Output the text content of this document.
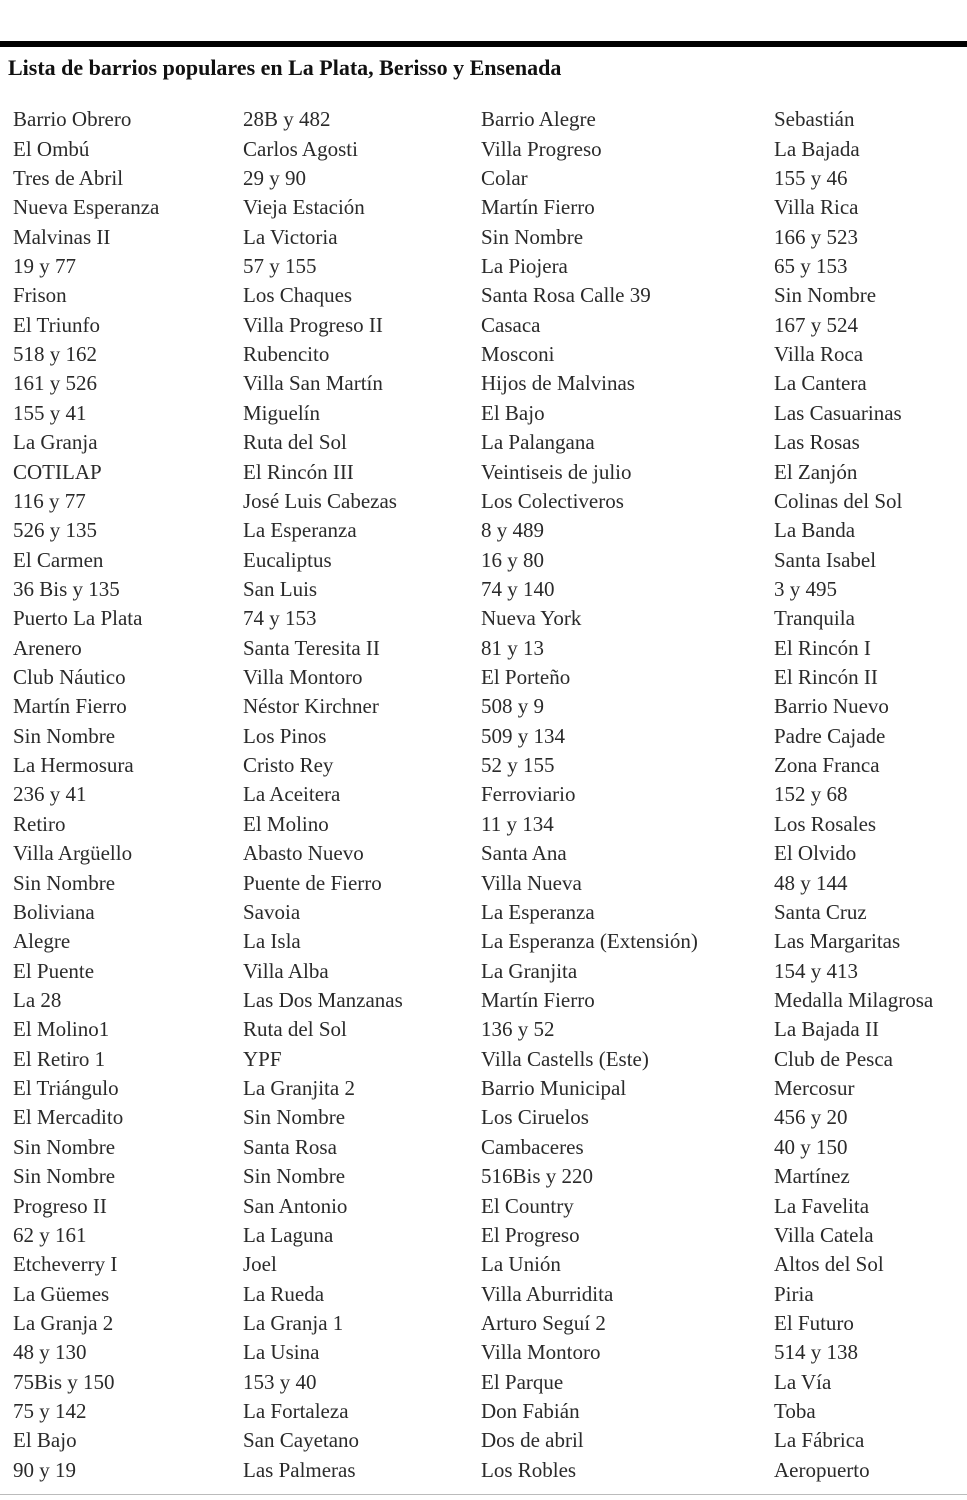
Lista de barrios populares en La Plata, Berisso y Ensenada
Barrio Obrero	28B y 482	Barrio Alegre	Sebastián
El Ombú	Carlos Agosti	Villa Progreso	La Bajada
Tres de Abril	29 y 90	Colar	155 y 46
Nueva Esperanza	Vieja Estación	Martín Fierro	Villa Rica
Malvinas II	La Victoria	Sin Nombre	166 y 523
19 y 77	57 y 155	La Piojera	65 y 153
Frison	Los Chaques	Santa Rosa Calle 39	Sin Nombre
El Triunfo	Villa Progreso II	Casaca	167 y 524
518 y 162	Rubencito	Mosconi	Villa Roca
161 y 526	Villa San Martín	Hijos de Malvinas	La Cantera
155 y 41	Miguelín	El Bajo	Las Casuarinas
La Granja	Ruta del Sol	La Palangana	Las Rosas
COTILAP	El Rincón III	Veintiseis de julio	El Zanjón
116 y 77	José Luis Cabezas	Los Colectiveros	Colinas del Sol
526 y 135	La Esperanza	8 y 489	La Banda
El Carmen	Eucaliptus	16 y 80	Santa Isabel
36 Bis y 135	San Luis	74 y 140	3 y 495
Puerto La Plata	74 y 153	Nueva York	Tranquila
Arenero	Santa Teresita II	81 y 13	El Rincón I
Club Náutico	Villa Montoro	El Porteño	El Rincón II
Martín Fierro	Néstor Kirchner	508 y 9	Barrio Nuevo
Sin Nombre	Los Pinos	509 y 134	Padre Cajade
La Hermosura	Cristo Rey	52 y 155	Zona Franca
236 y 41	La Aceitera	Ferroviario	152 y 68
Retiro	El Molino	11 y 134	Los Rosales
Villa Argüello	Abasto Nuevo	Santa Ana	El Olvido
Sin Nombre	Puente de Fierro	Villa Nueva	48 y 144
Boliviana	Savoia	La Esperanza	Santa Cruz
Alegre	La Isla	La Esperanza (Extensión)	Las Margaritas
El Puente	Villa Alba	La Granjita	154 y 413
La 28	Las Dos Manzanas	Martín Fierro	Medalla Milagrosa
El Molino1	Ruta del Sol	136 y 52	La Bajada II
El Retiro 1	YPF	Villa Castells (Este)	Club de Pesca
El Triángulo	La Granjita 2	Barrio Municipal	Mercosur
El Mercadito	Sin Nombre	Los Ciruelos	456 y 20
Sin Nombre	Santa Rosa	Cambaceres	40 y 150
Sin Nombre	Sin Nombre	516Bis y 220	Martínez
Progreso II	San Antonio	El Country	La Favelita
62 y 161	La Laguna	El Progreso	Villa Catela
Etcheverry I	Joel	La Unión	Altos del Sol
La Güemes	La Rueda	Villa Aburridita	Piria
La Granja 2	La Granja 1	Arturo Seguí 2	El Futuro
48 y 130	La Usina	Villa Montoro	514 y 138
75Bis y 150	153 y 40	El Parque	La Vía
75 y 142	La Fortaleza	Don Fabián	Toba
El Bajo	San Cayetano	Dos de abril	La Fábrica
90 y 19	Las Palmeras	Los Robles	Aeropuerto
